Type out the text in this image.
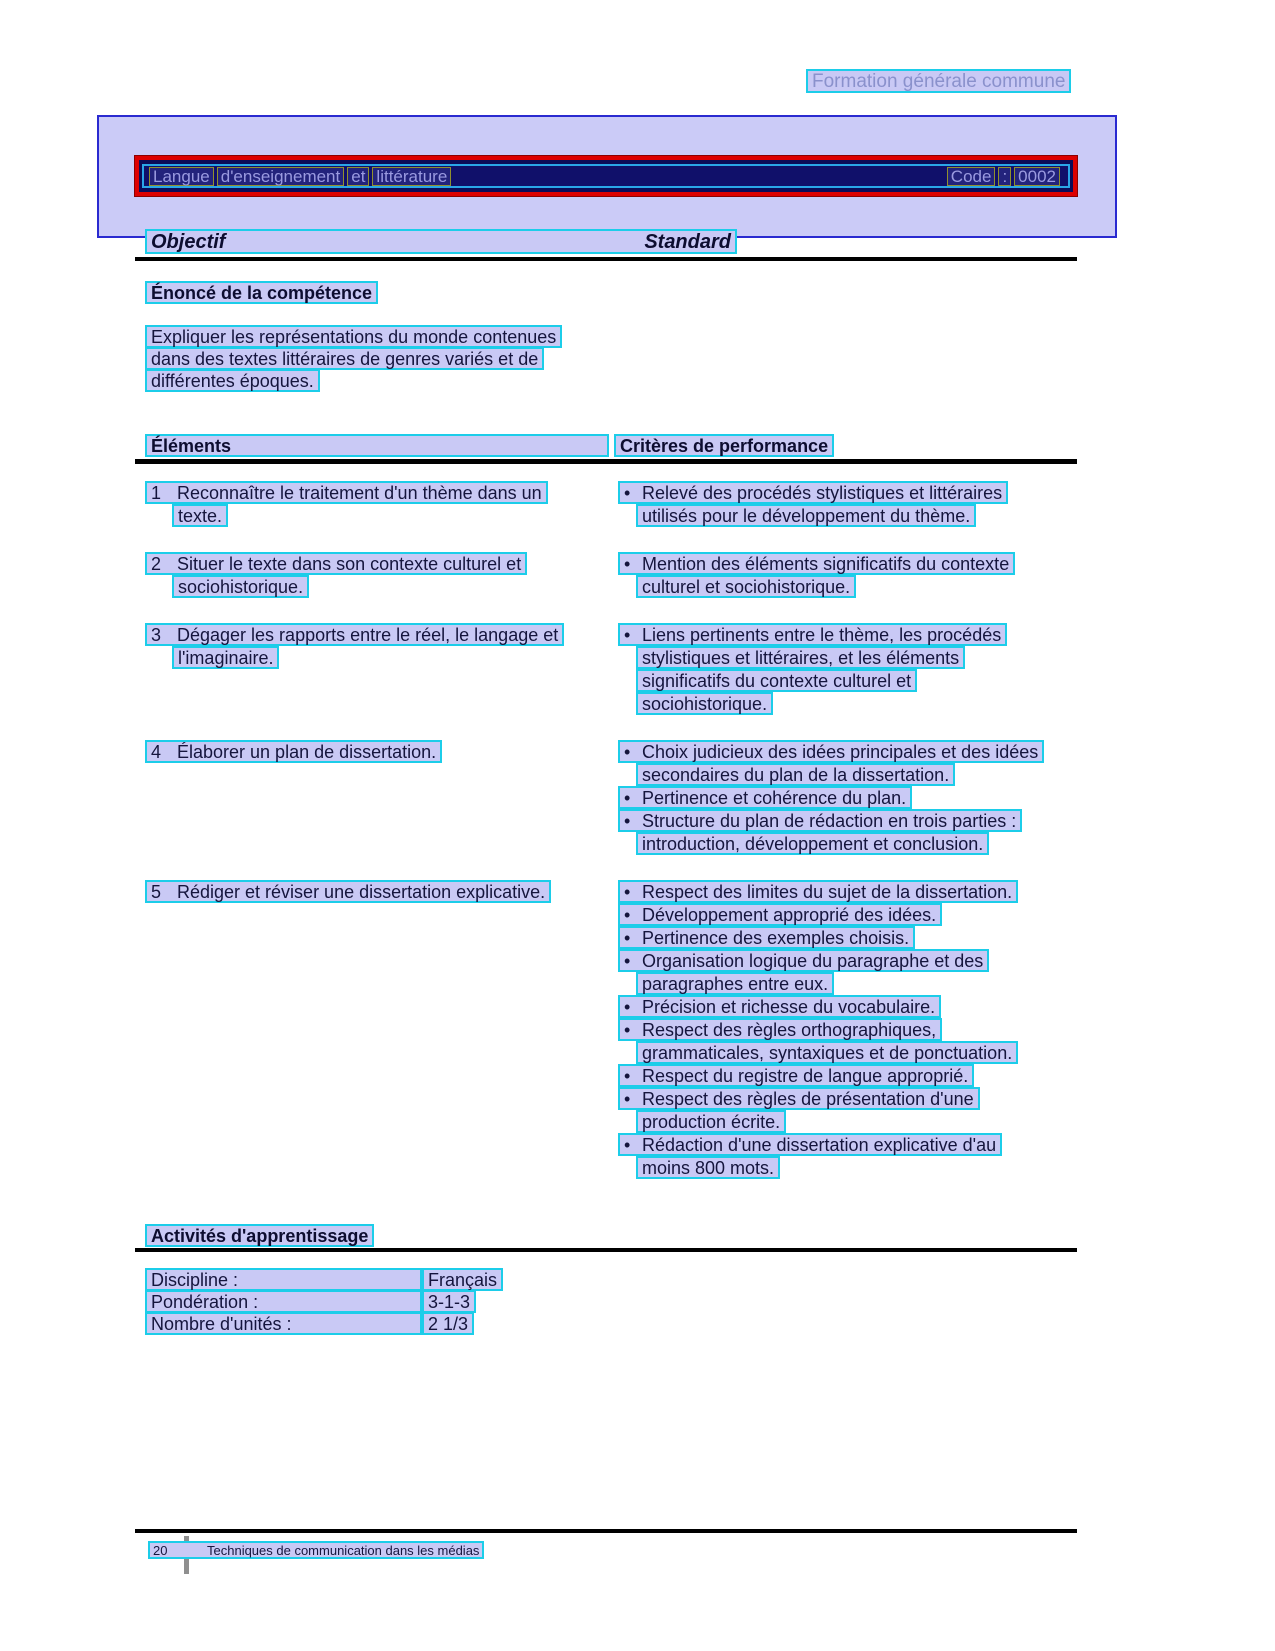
Formation générale commune
Langue d'enseignement et littérature	Code : 0002
Objectif	Standard
Énoncé de la compétence
Expliquer les représentations du monde contenues
dans des textes littéraires de genres variés et de
différentes époques.
Éléments	Critères de performance
1 Reconnaître le traitement d'un thème dans un
texte.
• Relevé des procédés stylistiques et littéraires
utilisés pour le développement du thème.
2 Situer le texte dans son contexte culturel et
sociohistorique.
• Mention des éléments significatifs du contexte
culturel et sociohistorique.
3 Dégager les rapports entre le réel, le langage et
l'imaginaire.
• Liens pertinents entre le thème, les procédés
stylistiques et littéraires, et les éléments
significatifs du contexte culturel et
sociohistorique.
4 Élaborer un plan de dissertation.	• Choix judicieux des idées principales et des idées
secondaires du plan de la dissertation.
• Pertinence et cohérence du plan.
• Structure du plan de rédaction en trois parties :
introduction, développement et conclusion.
5 Rédiger et réviser une dissertation explicative.	• Respect des limites du sujet de la dissertation.
• Développement approprié des idées.
• Pertinence des exemples choisis.
• Organisation logique du paragraphe et des
paragraphes entre eux.
• Précision et richesse du vocabulaire.
• Respect des règles orthographiques,
grammaticales, syntaxiques et de ponctuation.
• Respect du registre de langue approprié.
• Respect des règles de présentation d'une
production écrite.
• Rédaction d'une dissertation explicative d'au
moins 800 mots.
Activités d'apprentissage
Discipline :	Français
Pondération :	3-1-3
Nombre d'unités :	2 1/3
20	Techniques de communication dans les médias
